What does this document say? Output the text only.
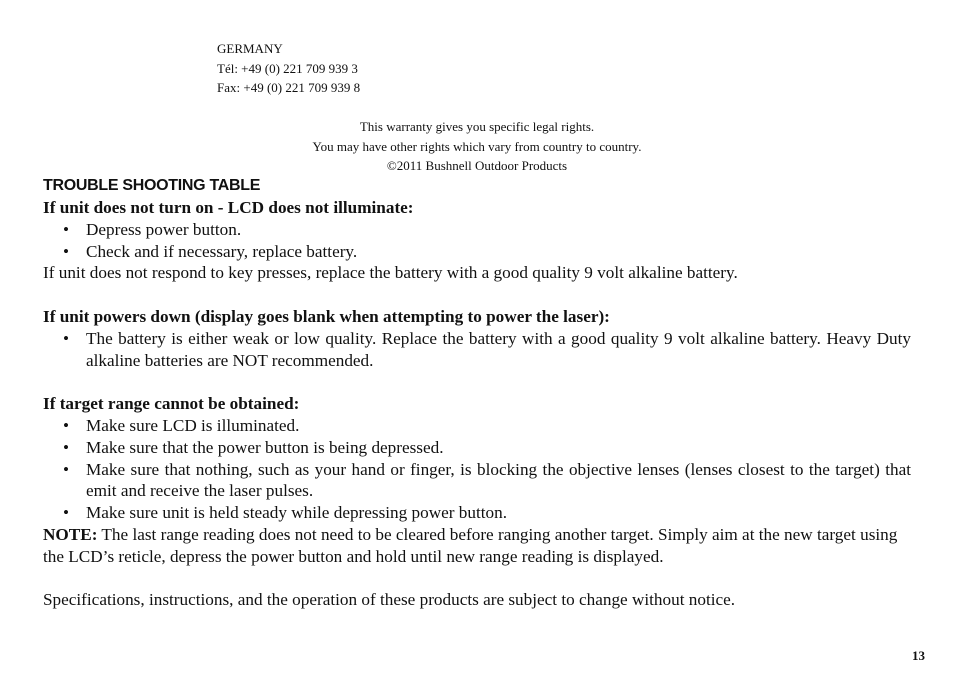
GERMANY
Tél: +49 (0) 221 709 939 3
Fax: +49 (0) 221 709 939 8
This warranty gives you specific legal rights.
You may have other rights which vary from country to country.
©2011 Bushnell Outdoor Products
TROUBLE SHOOTING TABLE

If unit does not turn on - LCD does not illuminate:

• Depress power button.
• Check and if necessary, replace battery.

If unit does not respond to key presses, replace the battery with a good quality 9 volt alkaline battery.

If unit powers down (display goes blank when attempting to power the laser):

• The battery is either weak or low quality. Replace the battery with a good quality 9 volt alkaline battery. Heavy Duty alkaline batteries are NOT recommended.

If target range cannot be obtained:

• Make sure LCD is illuminated.
• Make sure that the power button is being depressed.
• Make sure that nothing, such as your hand or finger, is blocking the objective lenses (lenses closest to the target) that emit and receive the laser pulses.
• Make sure unit is held steady while depressing power button.

NOTE: The last range reading does not need to be cleared before ranging another target. Simply aim at the new target using the LCD’s reticle, depress the power button and hold until new range reading is displayed.

Specifications, instructions, and the operation of these products are subject to change without notice.

13
